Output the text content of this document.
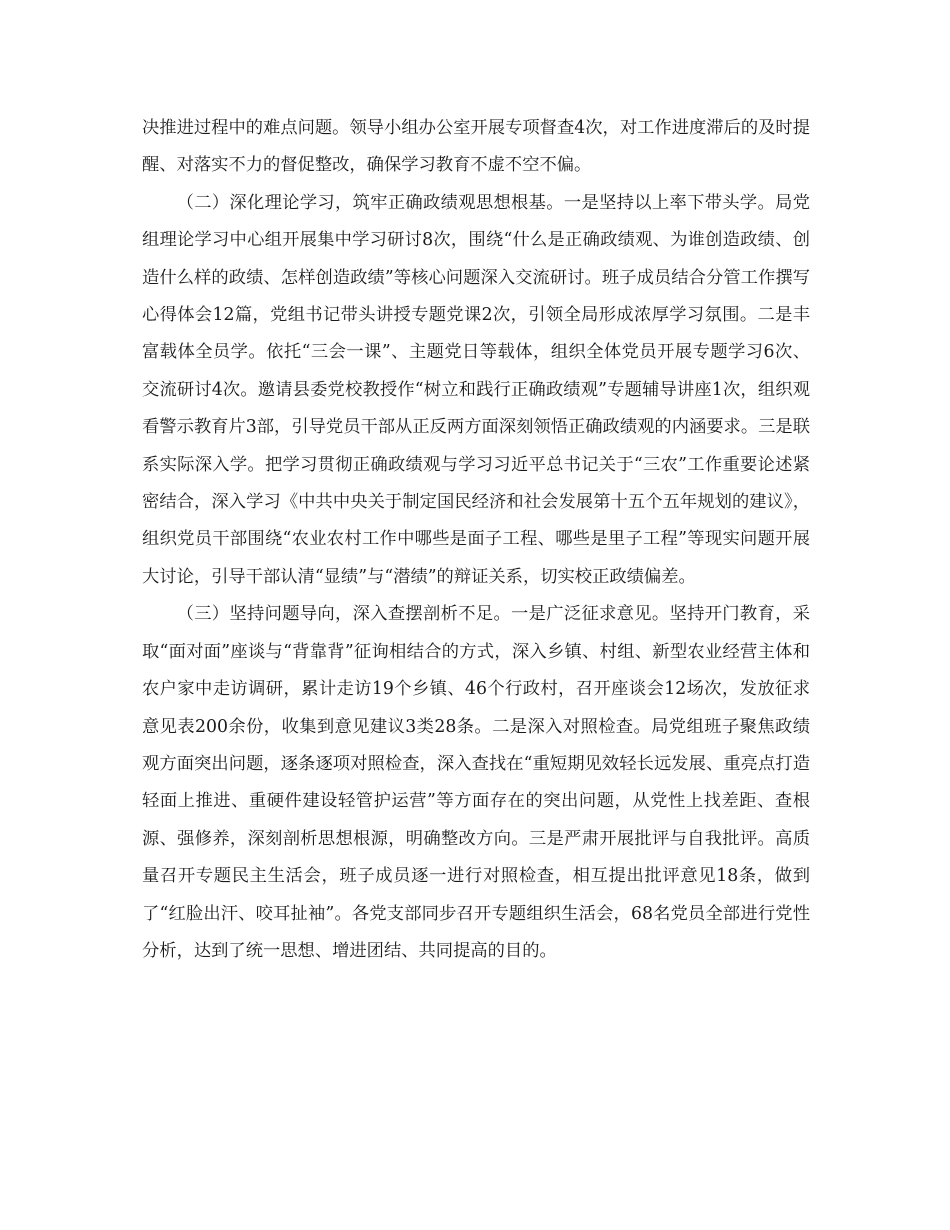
决推进过程中的难点问题。领导小组办公室开展专项督查4次，对工作进度滞后的及时提醒、对落实不力的督促整改，确保学习教育不虚不空不偏。

（二）深化理论学习，筑牢正确政绩观思想根基。一是坚持以上率下带头学。局党组理论学习中心组开展集中学习研讨8次，围绕“什么是正确政绩观、为谁创造政绩、创造什么样的政绩、怎样创造政绩”等核心问题深入交流研讨。班子成员结合分管工作撰写心得体会12篇，党组书记带头讲授专题党课2次，引领全局形成浓厚学习氛围。二是丰富载体全员学。依托“三会一课”、主题党日等载体，组织全体党员开展专题学习6次、交流研讨4次。邀请县委党校教授作“树立和践行正确政绩观”专题辅导讲座1次，组织观看警示教育片3部，引导党员干部从正反两方面深刻领悟正确政绩观的内涵要求。三是联系实际深入学。把学习贯彻正确政绩观与学习习近平总书记关于“三农”工作重要论述紧密结合，深入学习《中共中央关于制定国民经济和社会发展第十五个五年规划的建议》，组织党员干部围绕“农业农村工作中哪些是面子工程、哪些是里子工程”等现实问题开展大讨论，引导干部认清“显绩”与“潜绩”的辩证关系，切实校正政绩偏差。

（三）坚持问题导向，深入查摆剖析不足。一是广泛征求意见。坚持开门教育，采取“面对面”座谈与“背靠背”征询相结合的方式，深入乡镇、村组、新型农业经营主体和农户家中走访调研，累计走访19个乡镇、46个行政村，召开座谈会12场次，发放征求意见表200余份，收集到意见建议3类28条。二是深入对照检查。局党组班子聚焦政绩观方面突出问题，逐条逐项对照检查，深入查找在“重短期见效轻长远发展、重亮点打造轻面上推进、重硬件建设轻管护运营”等方面存在的突出问题，从党性上找差距、查根源、强修养，深刻剖析思想根源，明确整改方向。三是严肃开展批评与自我批评。高质量召开专题民主生活会，班子成员逐一进行对照检查，相互提出批评意见18条，做到了“红脸出汗、咬耳扯袖”。各党支部同步召开专题组织生活会，68名党员全部进行党性分析，达到了统一思想、增进团结、共同提高的目的。
